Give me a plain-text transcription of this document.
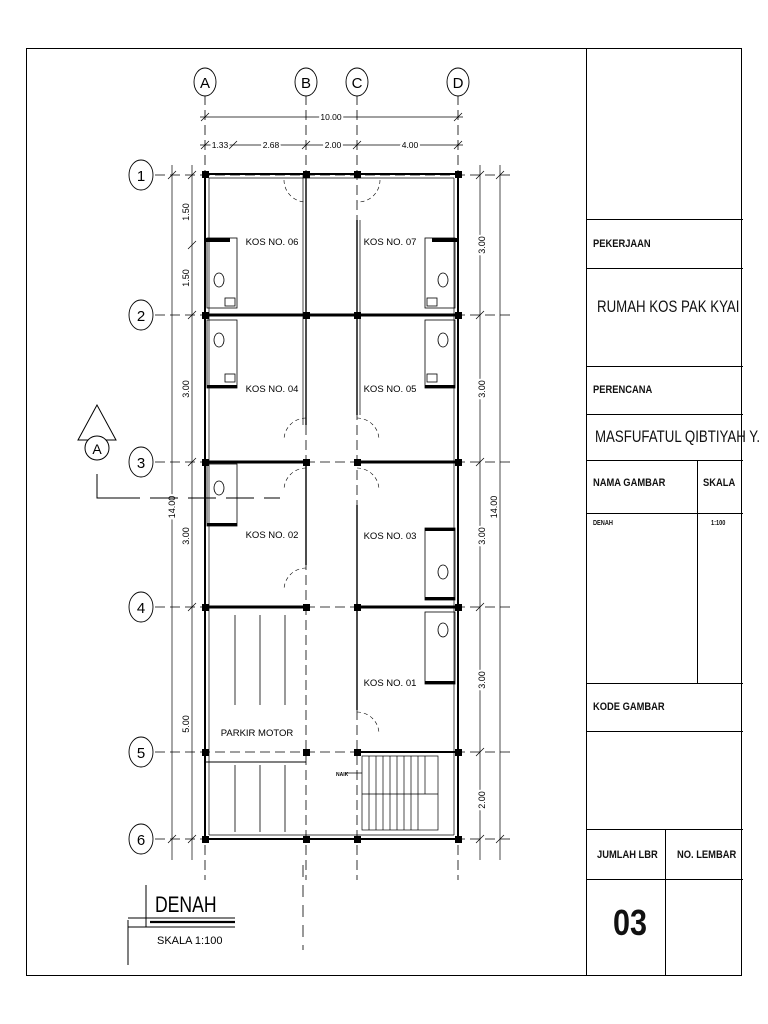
A	B	C	D
1
2
3
4
5
6
10.00
1.33	2.68	2.00	4.00
14.00
1.50
1.50
3.00
3.00
5.00
3.00
3.00
3.00
3.00
2.00
14.00
NAIK
KOS NO. 06	KOS NO. 07
KOS NO. 04	KOS NO. 05
KOS NO. 02	KOS NO. 03
KOS NO. 01
PARKIR MOTOR
A
DENAH
SKALA 1:100
PEKERJAAN
RUMAH KOS PAK KYAI
PERENCANA
MASFUFATUL QIBTIYAH Y.
NAMA GAMBAR	SKALA
DENAH	1:100
KODE GAMBAR
JUMLAH LBR NO. LEMBAR
03
